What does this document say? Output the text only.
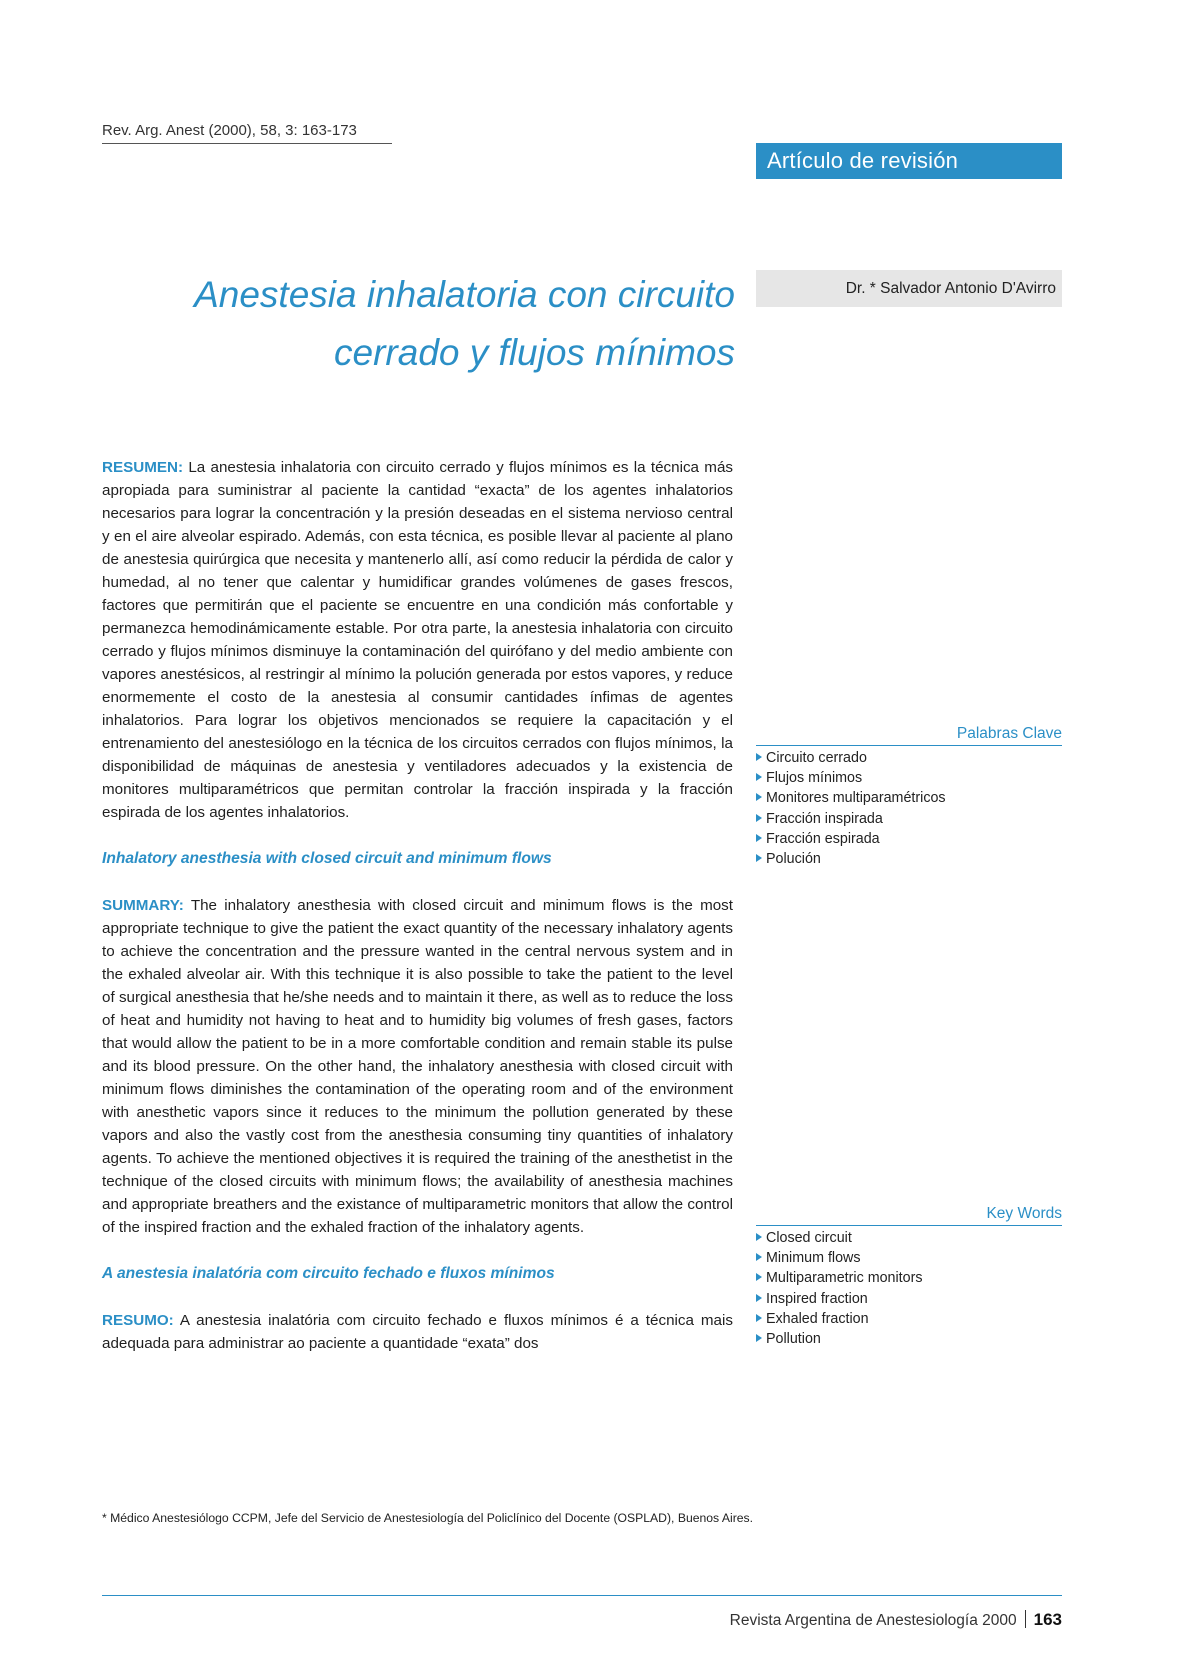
Rev. Arg. Anest (2000), 58, 3: 163-173
Artículo de revisión
Anestesia inhalatoria con circuito
cerrado y flujos mínimos
Dr. * Salvador Antonio D'Avirro

RESUMEN: La anestesia inhalatoria con circuito cerrado y flujos mínimos es la técnica más apropiada para suministrar al paciente la cantidad “exacta” de los agentes inhalatorios necesarios para lograr la concentración y la presión deseadas en el sistema nervioso central y en el aire alveolar espirado. Además, con esta técnica, es posible llevar al paciente al plano de anestesia quirúrgica que necesita y mantenerlo allí, así como reducir la pérdida de calor y humedad, al no tener que calentar y humidificar grandes volúmenes de gases frescos, factores que permitirán que el paciente se encuentre en una condición más confortable y permanezca hemodinámicamente estable. Por otra parte, la anestesia inhalatoria con circuito cerrado y flujos mínimos disminuye la contaminación del quirófano y del medio ambiente con vapores anestésicos, al restringir al mínimo la polución generada por estos vapores, y reduce enormemente el costo de la anestesia al consumir cantidades ínfimas de agentes inhalatorios. Para lograr los objetivos mencionados se requiere la capacitación y el entrenamiento del anestesiólogo en la técnica de los circuitos cerrados con flujos mínimos, la disponibilidad de máquinas de anestesia y ventiladores adecuados y la existencia de monitores multiparamétricos que permitan controlar la fracción inspirada y la fracción espirada de los agentes inhalatorios.

Inhalatory anesthesia with closed circuit and minimum flows

SUMMARY: The inhalatory anesthesia with closed circuit and minimum flows is the most appropriate technique to give the patient the exact quantity of the necessary inhalatory agents to achieve the concentration and the pressure wanted in the central nervous system and in the exhaled alveolar air. With this technique it is also possible to take the patient to the level of surgical anesthesia that he/she needs and to maintain it there, as well as to reduce the loss of heat and humidity not having to heat and to humidity big volumes of fresh gases, factors that would allow the patient to be in a more comfortable condition and remain stable its pulse and its blood pressure. On the other hand, the inhalatory anesthesia with closed circuit with minimum flows diminishes the contamination of the operating room and of the environment with anesthetic vapors since it reduces to the minimum the pollution generated by these vapors and also the vastly cost from the anesthesia consuming tiny quantities of inhalatory agents. To achieve the mentioned objectives it is required the training of the anesthetist in the technique of the closed circuits with minimum flows; the availability of anesthesia machines and appropriate breathers and the existance of multiparametric monitors that allow the control of the inspired fraction and the exhaled fraction of the inhalatory agents.

A anestesia inalatória com circuito fechado e fluxos mínimos

RESUMO: A anestesia inalatória com circuito fechado e fluxos mínimos é a técnica mais adequada para administrar ao paciente a quantidade “exata” dos

Palabras Clave
Circuito cerrado
Flujos mínimos
Monitores multiparamétricos
Fracción inspirada
Fracción espirada
Polución
Key Words
Closed circuit
Minimum flows
Multiparametric monitors
Inspired fraction
Exhaled fraction
Pollution
* Médico Anestesiólogo CCPM, Jefe del Servicio de Anestesiología del Policlínico del Docente (OSPLAD), Buenos Aires.
Revista Argentina de Anestesiología 2000 163
